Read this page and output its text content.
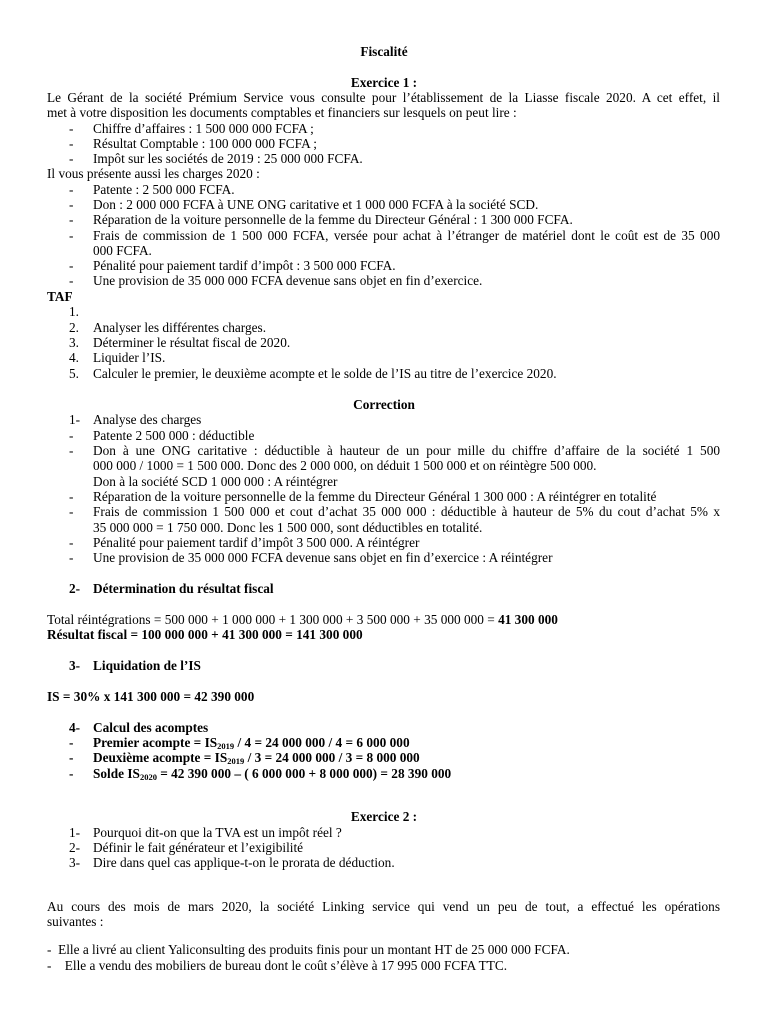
Fiscalité
Exercice 1 :
Le Gérant de la société Prémium Service vous consulte pour l’établissement de la Liasse fiscale 2020. A cet effet, il
met à votre disposition les documents comptables et financiers sur lesquels on peut lire :
- Chiffre d’affaires : 1 500 000 000 FCFA ;
- Résultat Comptable : 100 000 000 FCFA ;
- Impôt sur les sociétés de 2019 : 25 000 000 FCFA.
Il vous présente aussi les charges 2020 :
- Patente : 2 500 000 FCFA.
- Don : 2 000 000 FCFA à UNE ONG caritative et 1 000 000 FCFA à la société SCD.
- Réparation de la voiture personnelle de la femme du Directeur Général : 1 300 000 FCFA.
- Frais de commission de 1 500 000 FCFA, versée pour achat à l’étranger de matériel dont le coût est de 35 000
000 FCFA.
- Pénalité pour paiement tardif d’impôt : 3 500 000 FCFA.
- Une provision de 35 000 000 FCFA devenue sans objet en fin d’exercice.
TAF
1.
2. Analyser les différentes charges.
3. Déterminer le résultat fiscal de 2020.
4. Liquider l’IS.
5. Calculer le premier, le deuxième acompte et le solde de l’IS au titre de l’exercice 2020.
Correction
1- Analyse des charges
- Patente 2 500 000 : déductible
- Don à une ONG caritative : déductible à hauteur de un pour mille du chiffre d’affaire de la société 1 500
000 000 / 1000 = 1 500 000. Donc des 2 000 000, on déduit 1 500 000 et on réintègre 500 000.
Don à la société SCD 1 000 000 : A réintégrer
- Réparation de la voiture personnelle de la femme du Directeur Général 1 300 000 : A réintégrer en totalité
- Frais de commission 1 500 000 et cout d’achat 35 000 000 : déductible à hauteur de 5% du cout d’achat 5% x
35 000 000 = 1 750 000. Donc les 1 500 000, sont déductibles en totalité.
- Pénalité pour paiement tardif d’impôt 3 500 000. A réintégrer
- Une provision de 35 000 000 FCFA devenue sans objet en fin d’exercice : A réintégrer
2- Détermination du résultat fiscal
Total réintégrations = 500 000 + 1 000 000 + 1 300 000 + 3 500 000 + 35 000 000 = 41 300 000
Résultat fiscal = 100 000 000 + 41 300 000 = 141 300 000
3- Liquidation de l’IS
IS = 30% x 141 300 000 = 42 390 000
4- Calcul des acomptes
- Premier acompte = $IS_{2019} / 4 = 24$ 000 000 / 4 = 6 000 000
- Deuxième acompte = $IS_{2019} / 3 = 24$ 000 000 / 3 = 8 000 000
- Solde $IS_{2020} = 42$ 390 000 – ( 6 000 000 + 8 000 000) = 28 390 000
Exercice 2 :
1- Pourquoi dit-on que la TVA est un impôt réel ?
2- Définir le fait générateur et l’exigibilité
3- Dire dans quel cas applique-t-on le prorata de déduction.
Au cours des mois de mars 2020, la société Linking service qui vend un peu de tout, a effectué les opérations
suivantes :
- Elle a livré au client Yaliconsulting des produits finis pour un montant HT de 25 000 000 FCFA.
-    Elle a vendu des mobiliers de bureau dont le coût s’élève à 17 995 000 FCFA TTC.
